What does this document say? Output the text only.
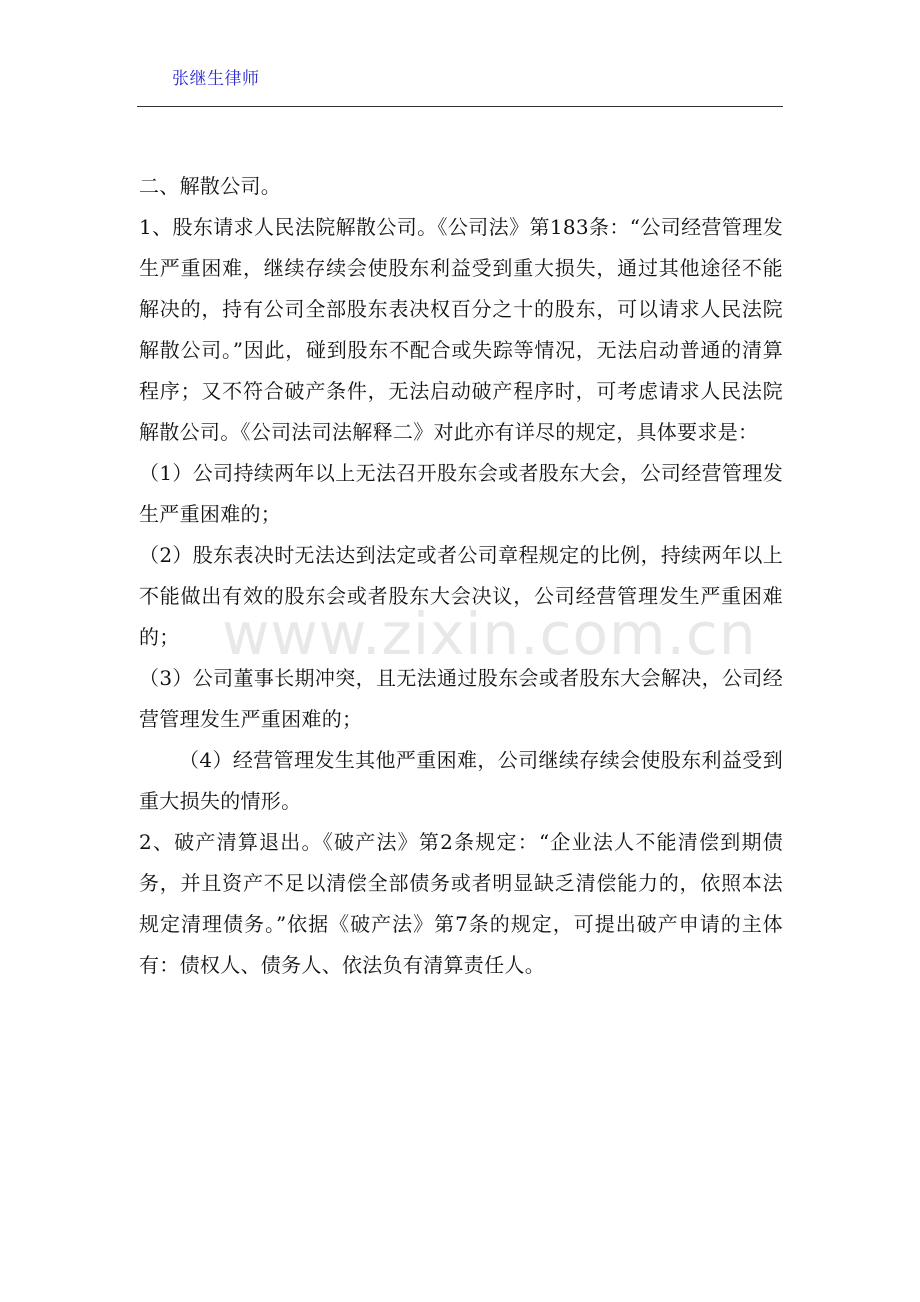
张继生律师

二、解散公司。

1、股东请求人民法院解散公司。《公司法》第183条：“公司经营管理发生严重困难，继续存续会使股东利益受到重大损失，通过其他途径不能解决的，持有公司全部股东表决权百分之十的股东，可以请求人民法院解散公司。”因此，碰到股东不配合或失踪等情况，无法启动普通的清算程序；又不符合破产条件，无法启动破产程序时，可考虑请求人民法院解散公司。《公司法司法解释二》对此亦有详尽的规定，具体要求是：

（1）公司持续两年以上无法召开股东会或者股东大会，公司经营管理发生严重困难的；

（2）股东表决时无法达到法定或者公司章程规定的比例，持续两年以上不能做出有效的股东会或者股东大会决议，公司经营管理发生严重困难的；

（3）公司董事长期冲突，且无法通过股东会或者股东大会解决，公司经营管理发生严重困难的；

（4）经营管理发生其他严重困难，公司继续存续会使股东利益受到重大损失的情形。

2、破产清算退出。《破产法》第2条规定：“企业法人不能清偿到期债务，并且资产不足以清偿全部债务或者明显缺乏清偿能力的，依照本法规定清理债务。”依据《破产法》第7条的规定，可提出破产申请的主体有：债权人、债务人、依法负有清算责任人。

www.zixin.com.cn
